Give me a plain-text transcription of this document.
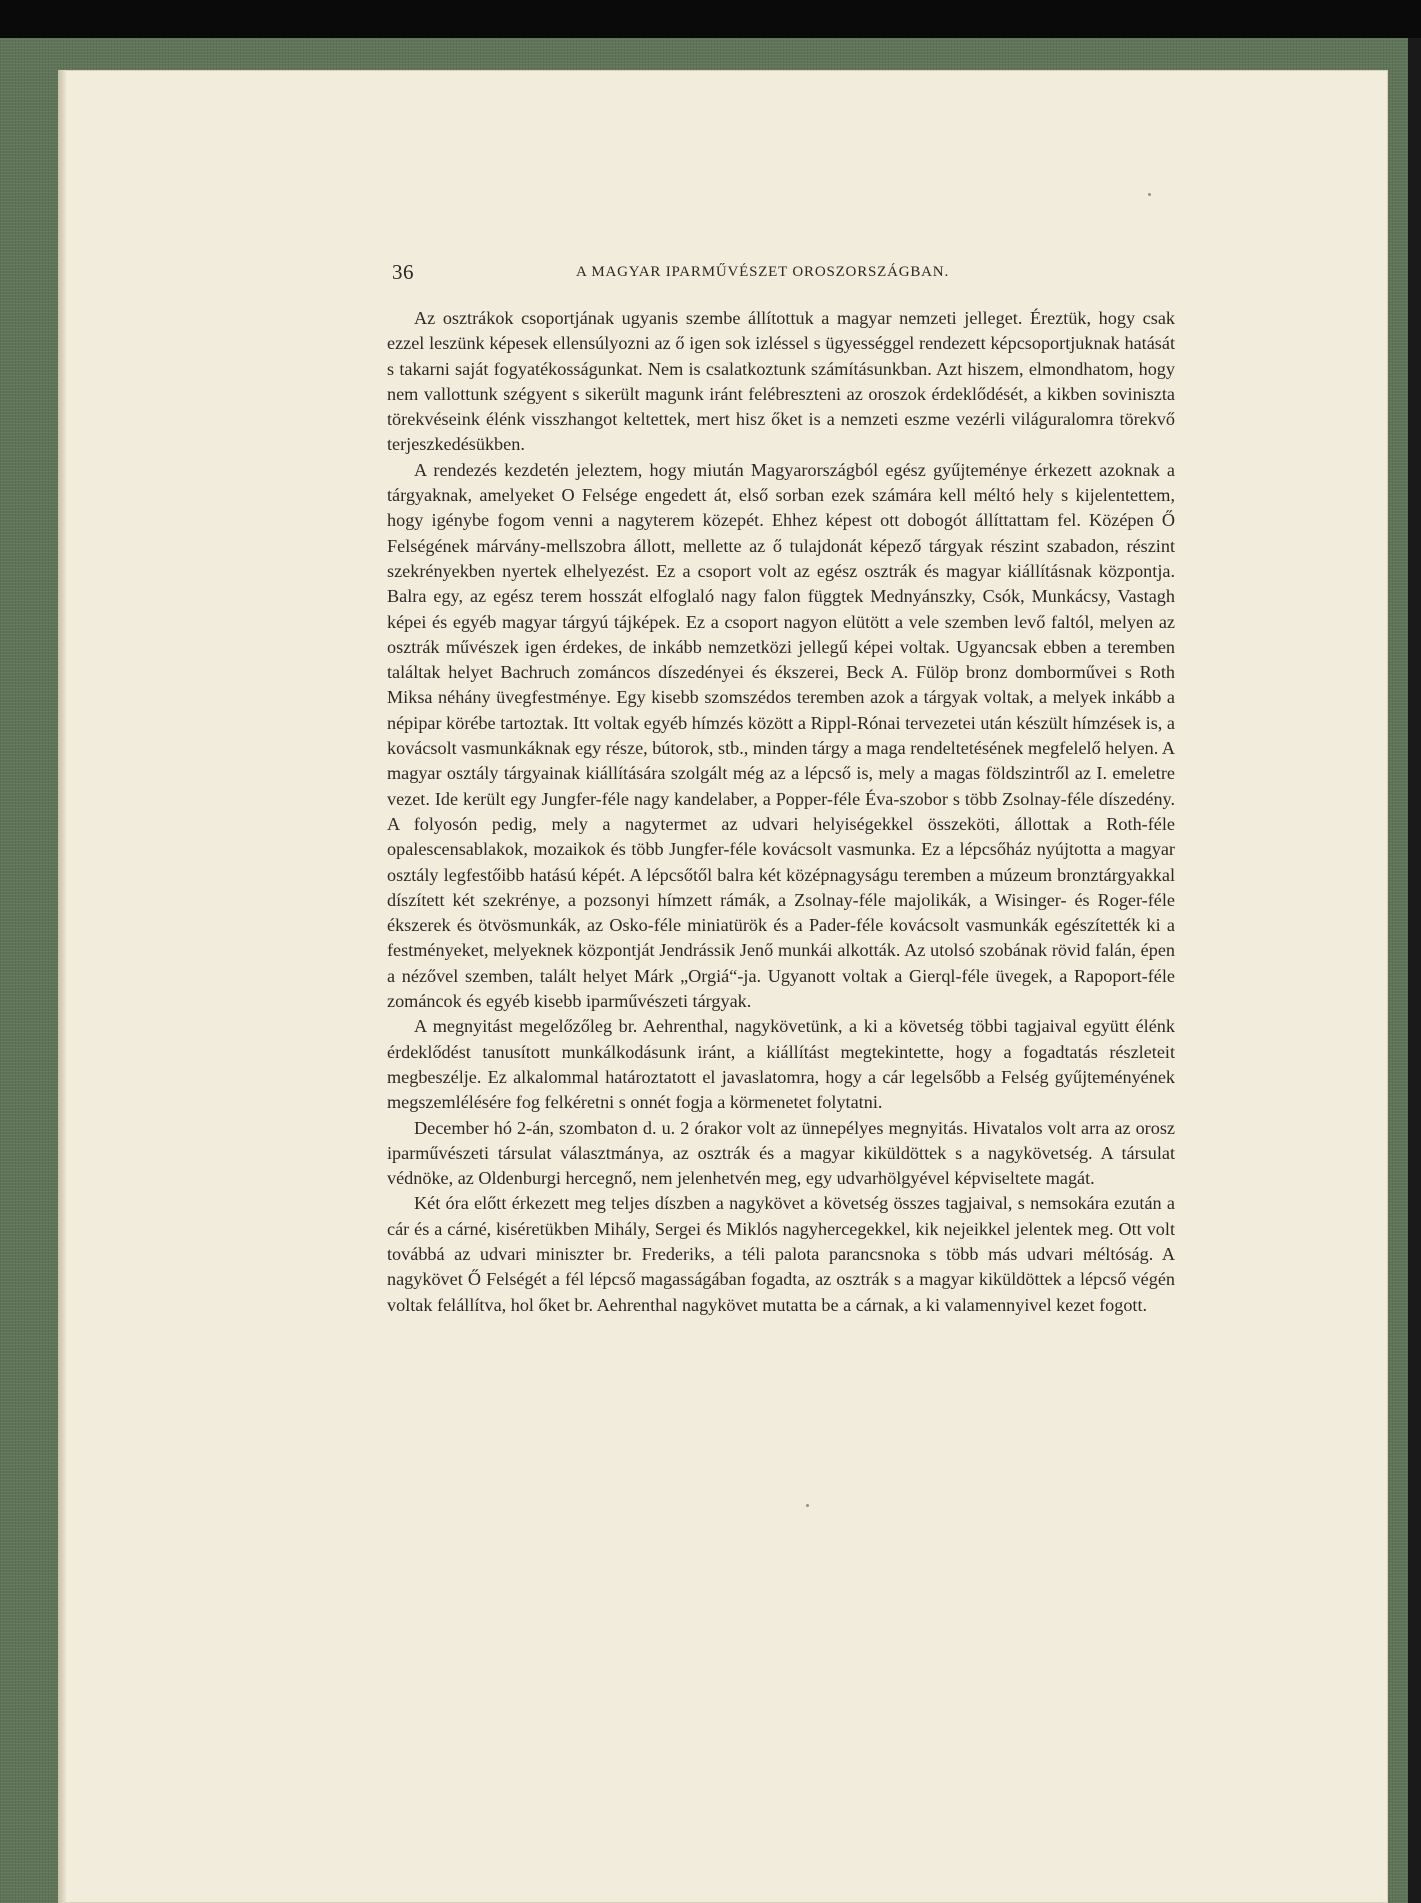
36	A MAGYAR IPARMŰVÉSZET OROSZORSZÁGBAN.

Az osztrákok csoportjának ugyanis szembe állítottuk a magyar nemzeti jelleget. Éreztük, hogy csak ezzel leszünk képesek ellensúlyozni az ő igen sok izléssel s ügyességgel rendezett képcsoportjuknak hatását s takarni saját fogyatékosságunkat. Nem is csalatkoztunk számításunkban. Azt hiszem, elmondhatom, hogy nem vallottunk szégyent s sikerült magunk iránt felébreszteni az oroszok érdeklődését, a kikben soviniszta törekvéseink élénk visszhangot keltettek, mert hisz őket is a nemzeti eszme vezérli világuralomra törekvő terjeszkedésükben.

A rendezés kezdetén jeleztem, hogy miután Magyarországból egész gyűjteménye érkezett azoknak a tárgyaknak, amelyeket O Felsége engedett át, első sorban ezek számára kell méltó hely s kijelentettem, hogy igénybe fogom venni a nagyterem közepét. Ehhez képest ott dobogót állíttattam fel. Középen Ő Felségének márvány-mellszobra állott, mellette az ő tulajdonát képező tárgyak részint szabadon, részint szekrényekben nyertek elhelyezést. Ez a csoport volt az egész osztrák és magyar kiállításnak központja. Balra egy, az egész terem hosszát elfoglaló nagy falon függtek Mednyánszky, Csók, Munkácsy, Vastagh képei és egyéb magyar tárgyú tájképek. Ez a csoport nagyon elütött a vele szemben levő faltól, melyen az osztrák művészek igen érdekes, de inkább nemzetközi jellegű képei voltak. Ugyancsak ebben a teremben találtak helyet Bachruch zománcos díszedényei és ékszerei, Beck A. Fülöp bronz domborművei s Roth Miksa néhány üvegfestménye. Egy kisebb szomszédos teremben azok a tárgyak voltak, a melyek inkább a népipar körébe tartoztak. Itt voltak egyéb hímzés között a Rippl-Rónai tervezetei után készült hímzések is, a kovácsolt vasmunkáknak egy része, bútorok, stb., minden tárgy a maga rendeltetésének megfelelő helyen. A magyar osztály tárgyainak kiállítására szolgált még az a lépcső is, mely a magas földszintről az I. emeletre vezet. Ide került egy Jungfer-féle nagy kandelaber, a Popper-féle Éva-szobor s több Zsolnay-féle díszedény. A folyosón pedig, mely a nagytermet az udvari helyiségekkel összeköti, állottak a Roth-féle opalescensablakok, mozaikok és több Jungfer-féle kovácsolt vasmunka. Ez a lépcsőház nyújtotta a magyar osztály legfestőibb hatású képét. A lépcsőtől balra két középnagyságu teremben a múzeum bronztárgyakkal díszített két szekrénye, a pozsonyi hímzett rámák, a Zsolnay-féle majolikák, a Wisinger- és Roger-féle ékszerek és ötvösmunkák, az Osko-féle miniatürök és a Pader-féle kovácsolt vasmunkák egészítették ki a festményeket, melyeknek központját Jendrássik Jenő munkái alkották. Az utolsó szobának rövid falán, épen a nézővel szemben, talált helyet Márk „Orgiá“-ja. Ugyanott voltak a Gierql-féle üvegek, a Rapoport-féle zománcok és egyéb kisebb iparművészeti tárgyak.

A megnyitást megelőzőleg br. Aehrenthal, nagykövetünk, a ki a követség többi tagjaival együtt élénk érdeklődést tanusított munkálkodásunk iránt, a kiállítást megtekintette, hogy a fogadtatás részleteit megbeszélje. Ez alkalommal határoztatott el javaslatomra, hogy a cár legelsőbb a Felség gyűjteményének megszemlélésére fog felkéretni s onnét fogja a körmenetet folytatni.

December hó 2-án, szombaton d. u. 2 órakor volt az ünnepélyes megnyitás. Hivatalos volt arra az orosz iparművészeti társulat választmánya, az osztrák és a magyar kiküldöttek s a nagykövetség. A társulat védnöke, az Oldenburgi hercegnő, nem jelenhetvén meg, egy udvarhölgyével képviseltete magát.

Két óra előtt érkezett meg teljes díszben a nagykövet a követség összes tagjaival, s nemsokára ezután a cár és a cárné, kiséretükben Mihály, Sergei és Miklós nagyhercegekkel, kik nejeikkel jelentek meg. Ott volt továbbá az udvari miniszter br. Frederiks, a téli palota parancsnoka s több más udvari méltóság. A nagykövet Ő Felségét a fél lépcső magasságában fogadta, az osztrák s a magyar kiküldöttek a lépcső végén voltak felállítva, hol őket br. Aehrenthal nagykövet mutatta be a cárnak, a ki valamennyivel kezet fogott.
